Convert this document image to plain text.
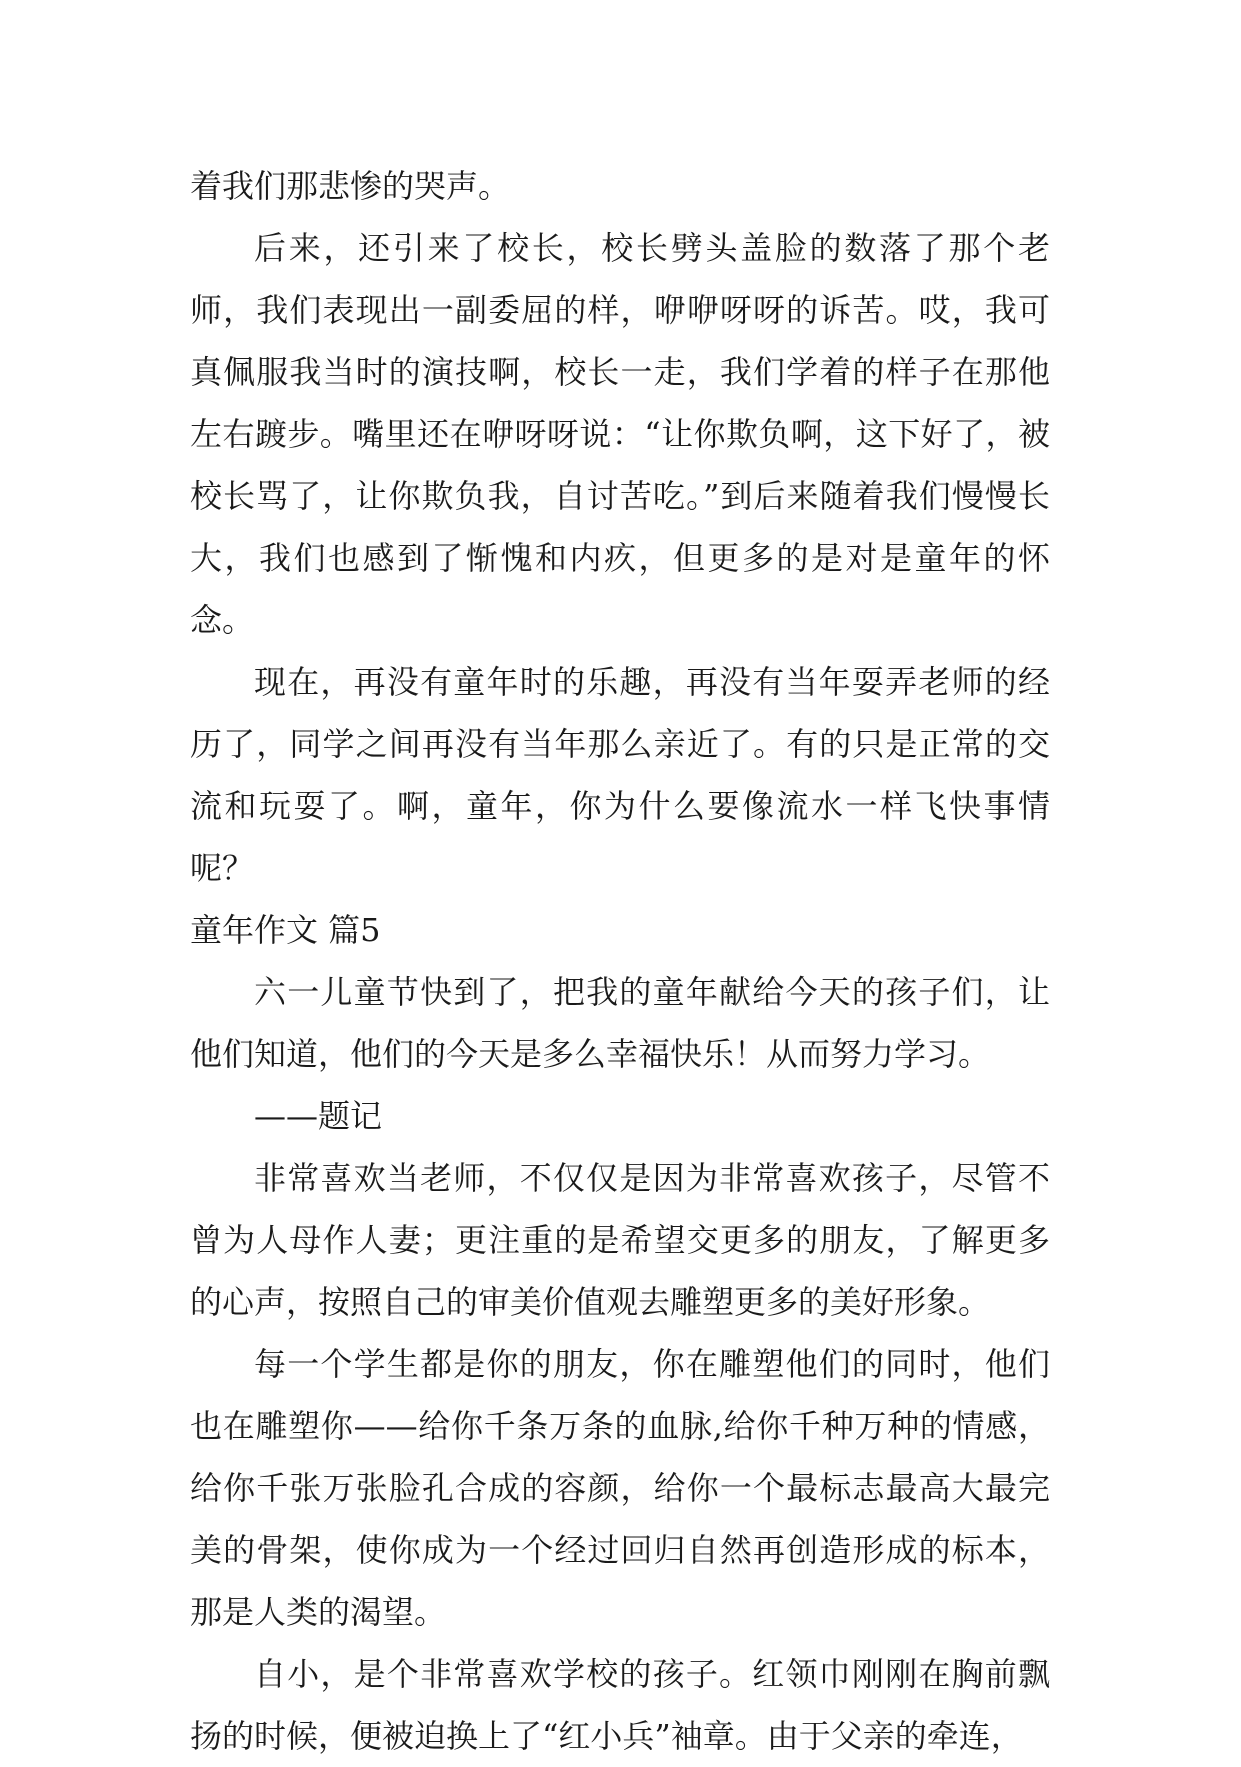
着我们那悲惨的哭声。

后来，还引来了校长，校长劈头盖脸的数落了那个老师，我们表现出一副委屈的样，咿咿呀呀的诉苦。哎，我可真佩服我当时的演技啊，校长一走，我们学着的样子在那他左右踱步。嘴里还在咿呀呀说：“让你欺负啊，这下好了，被校长骂了，让你欺负我，自讨苦吃。”到后来随着我们慢慢长大，我们也感到了惭愧和内疚，但更多的是对是童年的怀念。

现在，再没有童年时的乐趣，再没有当年耍弄老师的经历了，同学之间再没有当年那么亲近了。有的只是正常的交流和玩耍了。啊，童年，你为什么要像流水一样飞快事情呢？

童年作文 篇5

六一儿童节快到了，把我的童年献给今天的孩子们，让他们知道，他们的今天是多么幸福快乐！从而努力学习。

——题记

非常喜欢当老师，不仅仅是因为非常喜欢孩子，尽管不曾为人母作人妻；更注重的是希望交更多的朋友，了解更多的心声，按照自己的审美价值观去雕塑更多的美好形象。

每一个学生都是你的朋友，你在雕塑他们的同时，他们也在雕塑你——给你千条万条的血脉,给你千种万种的情感，给你千张万张脸孔合成的容颜，给你一个最标志最高大最完美的骨架，使你成为一个经过回归自然再创造形成的标本，那是人类的渴望。

自小，是个非常喜欢学校的孩子。红领巾刚刚在胸前飘扬的时候，便被迫换上了“红小兵”袖章。由于父亲的牵连，
